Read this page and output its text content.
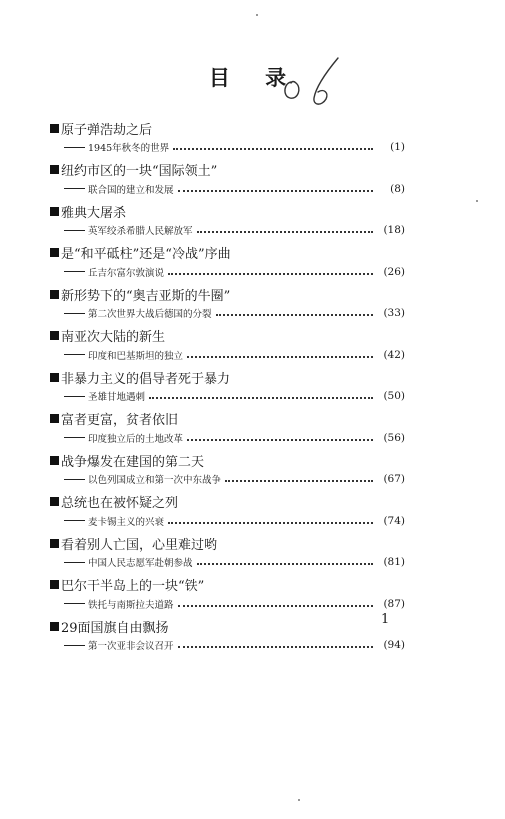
目 录
原子弹浩劫之后
1945年秋冬的世界	(1)
纽约市区的一块“国际领土”
联合国的建立和发展	(8)
雅典大屠杀
英军绞杀希腊人民解放军	(18)
是“和平砥柱”还是“冷战”序曲
丘吉尔富尔敦演说	(26)
新形势下的“奥吉亚斯的牛圈”
第二次世界大战后德国的分裂	(33)
南亚次大陆的新生
印度和巴基斯坦的独立	(42)
非暴力主义的倡导者死于暴力
圣雄甘地遇刺	(50)
富者更富，贫者依旧
印度独立后的土地改革	(56)
战争爆发在建国的第二天
以色列国成立和第一次中东战争	(67)
总统也在被怀疑之列
麦卡锡主义的兴衰	(74)
看着别人亡国，心里难过哟
中国人民志愿军赴朝参战	(81)
巴尔干半岛上的一块“铁”
铁托与南斯拉夫道路	(87)
29面国旗自由飘扬
第一次亚非会议召开	(94)
1
